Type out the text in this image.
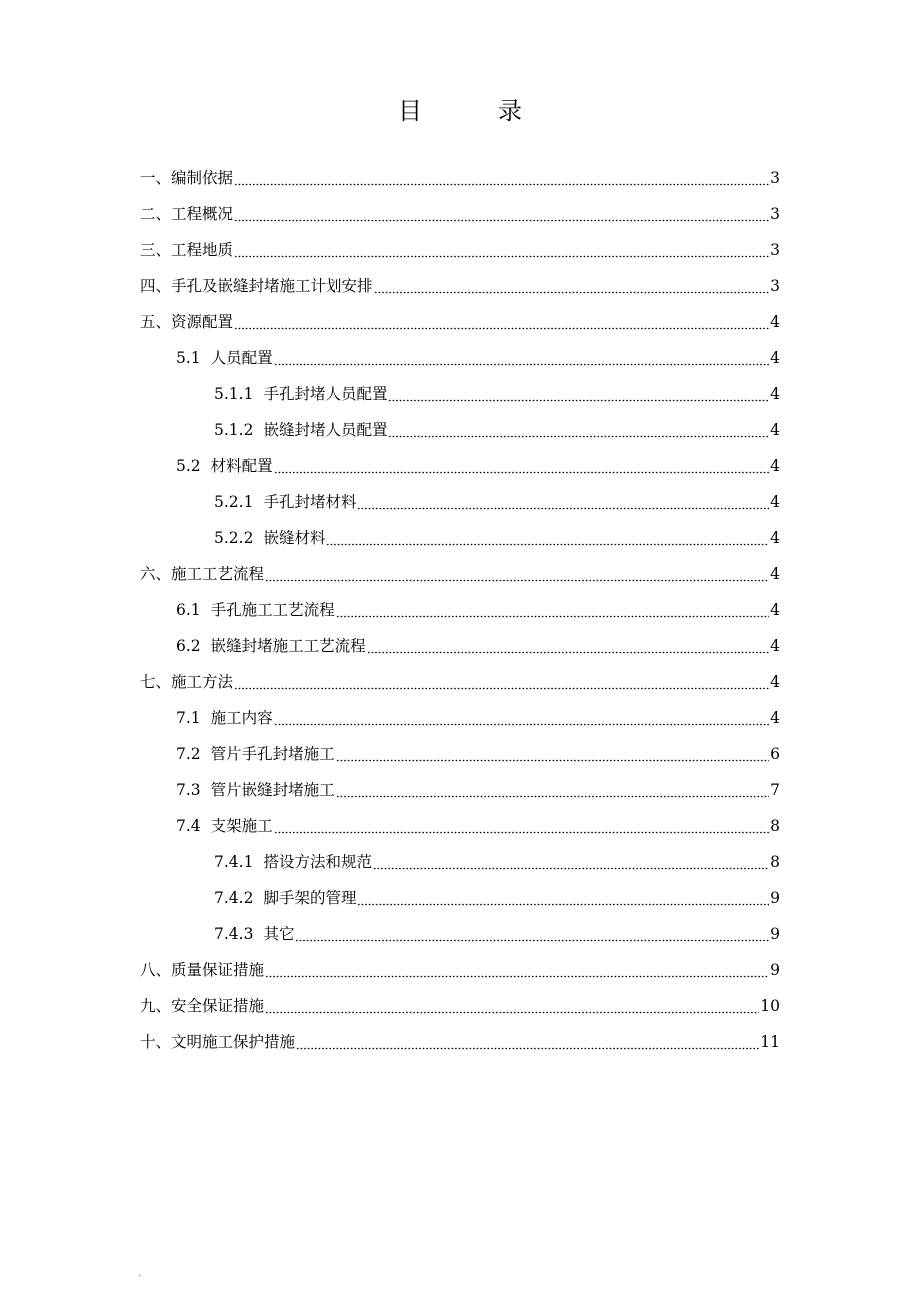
目　录
一、编制依据	3
二、工程概况	3
三、工程地质	3
四、手孔及嵌缝封堵施工计划安排	3
五、资源配置	4
5.1 人员配置	4
5.1.1 手孔封堵人员配置	4
5.1.2 嵌缝封堵人员配置	4
5.2 材料配置	4
5.2.1 手孔封堵材料	4
5.2.2 嵌缝材料	4
六、施工工艺流程	4
6.1 手孔施工工艺流程	4
6.2 嵌缝封堵施工工艺流程	4
七、施工方法	4
7.1 施工内容	4
7.2 管片手孔封堵施工	6
7.3 管片嵌缝封堵施工	7
7.4 支架施工	8
7.4.1 搭设方法和规范	8
7.4.2 脚手架的管理	9
7.4.3 其它	9
八、质量保证措施	9
九、安全保证措施	10
十、文明施工保护措施	11
